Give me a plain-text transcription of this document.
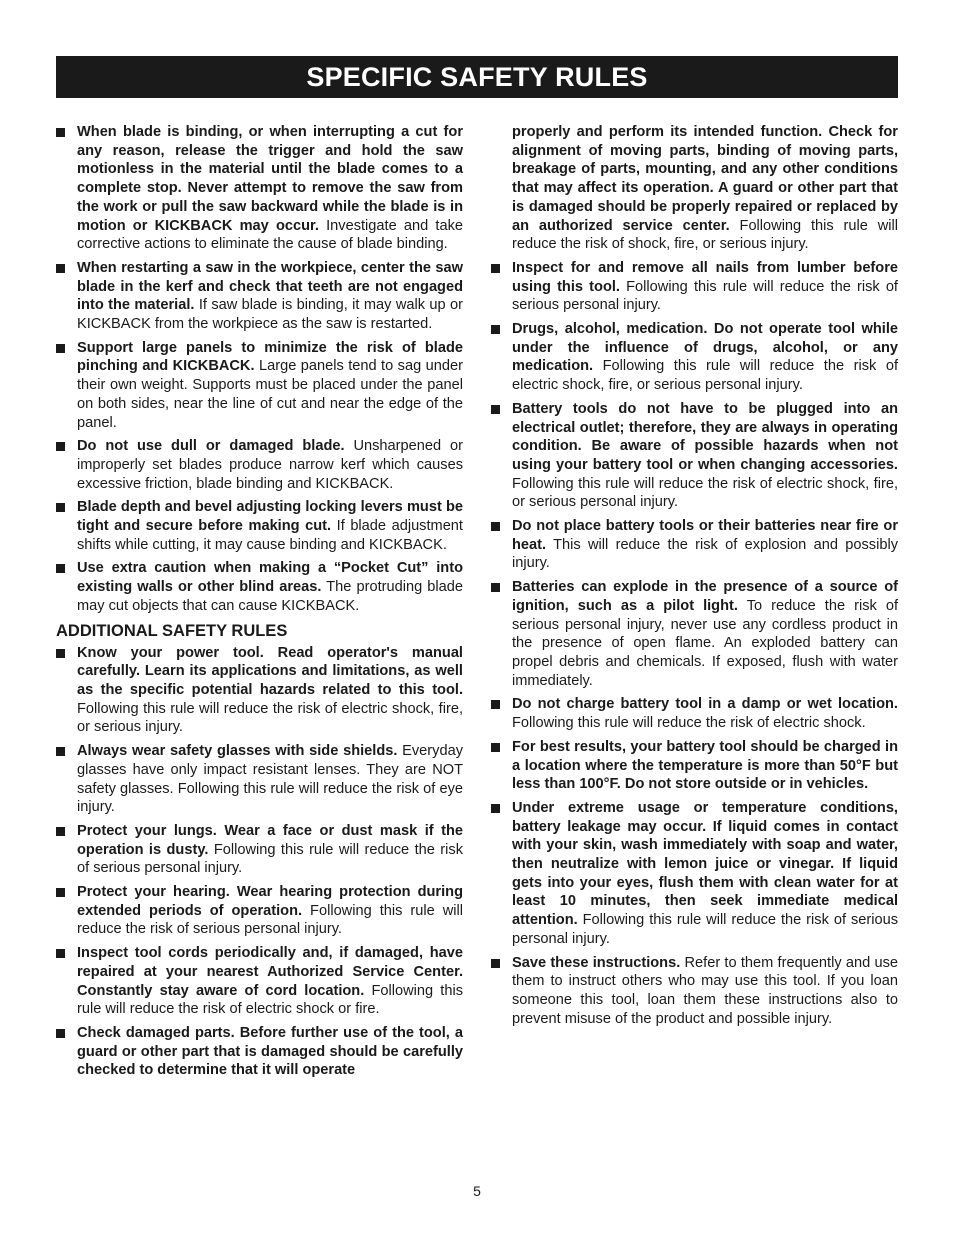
SPECIFIC SAFETY RULES
When blade is binding, or when interrupting a cut for any reason, release the trigger and hold the saw motionless in the material until the blade comes to a complete stop. Never attempt to remove the saw from the work or pull the saw backward while the blade is in motion or KICKBACK may occur. Investigate and take corrective actions to eliminate the cause of blade binding.
When restarting a saw in the workpiece, center the saw blade in the kerf and check that teeth are not engaged into the material. If saw blade is binding, it may walk up or KICKBACK from the workpiece as the saw is restarted.
Support large panels to minimize the risk of blade pinching and KICKBACK. Large panels tend to sag under their own weight. Supports must be placed under the panel on both sides, near the line of cut and near the edge of the panel.
Do not use dull or damaged blade. Unsharpened or improperly set blades produce narrow kerf which causes excessive friction, blade binding and KICKBACK.
Blade depth and bevel adjusting locking levers must be tight and secure before making cut. If blade adjustment shifts while cutting, it may cause binding and KICKBACK.
Use extra caution when making a “Pocket Cut” into existing walls or other blind areas. The protruding blade may cut objects that can cause KICKBACK.
ADDITIONAL SAFETY RULES
Know your power tool. Read operator's manual carefully. Learn its applications and limitations, as well as the specific potential hazards related to this tool. Following this rule will reduce the risk of electric shock, fire, or serious injury.
Always wear safety glasses with side shields. Everyday glasses have only impact resistant lenses. They are NOT safety glasses. Following this rule will reduce the risk of eye injury.
Protect your lungs. Wear a face or dust mask if the operation is dusty. Following this rule will reduce the risk of serious personal injury.
Protect your hearing. Wear hearing protection during extended periods of operation. Following this rule will reduce the risk of serious personal injury.
Inspect tool cords periodically and, if damaged, have repaired at your nearest Authorized Service Center. Constantly stay aware of cord location. Following this rule will reduce the risk of electric shock or fire.
Check damaged parts. Before further use of the tool, a guard or other part that is damaged should be carefully checked to determine that it will operate
properly and perform its intended function. Check for alignment of moving parts, binding of moving parts, breakage of parts, mounting, and any other conditions that may affect its operation. A guard or other part that is damaged should be properly repaired or replaced by an authorized service center. Following this rule will reduce the risk of shock, fire, or serious injury.
Inspect for and remove all nails from lumber before using this tool. Following this rule will reduce the risk of serious personal injury.
Drugs, alcohol, medication. Do not operate tool while under the influence of drugs, alcohol, or any medication. Following this rule will reduce the risk of electric shock, fire, or serious personal injury.
Battery tools do not have to be plugged into an electrical outlet; therefore, they are always in operating condition. Be aware of possible hazards when not using your battery tool or when changing accessories. Following this rule will reduce the risk of electric shock, fire, or serious personal injury.
Do not place battery tools or their batteries near fire or heat. This will reduce the risk of explosion and possibly injury.
Batteries can explode in the presence of a source of ignition, such as a pilot light. To reduce the risk of serious personal injury, never use any cordless product in the presence of open flame. An exploded battery can propel debris and chemicals. If exposed, flush with water immediately.
Do not charge battery tool in a damp or wet location. Following this rule will reduce the risk of electric shock.
For best results, your battery tool should be charged in a location where the temperature is more than 50°F but less than 100°F. Do not store outside or in vehicles.
Under extreme usage or temperature conditions, battery leakage may occur. If liquid comes in contact with your skin, wash immediately with soap and water, then neutralize with lemon juice or vinegar. If liquid gets into your eyes, flush them with clean water for at least 10 minutes, then seek immediate medical attention. Following this rule will reduce the risk of serious personal injury.
Save these instructions. Refer to them frequently and use them to instruct others who may use this tool. If you loan someone this tool, loan them these instructions also to prevent misuse of the product and possible injury.
5
